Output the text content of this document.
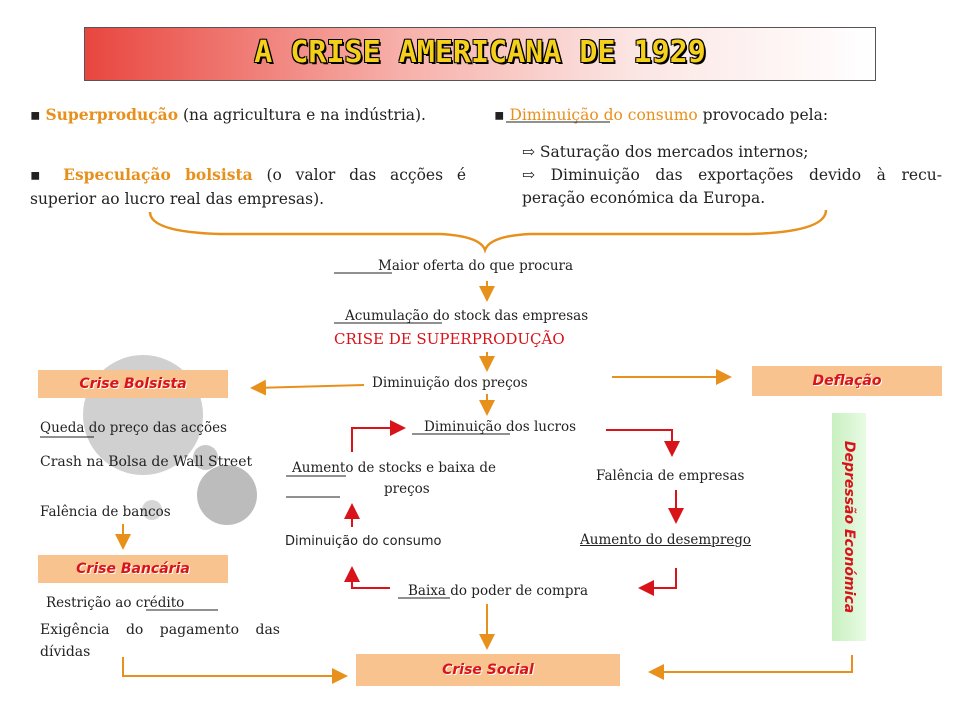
A CRISE AMERICANA DE 1929
▪ Superprodução (na agricultura e na indústria).
▪ Especulação bolsista (o valor das acções é superior ao lucro real das empresas).
▪ Diminuição do consumo provocado pela:
⇨ Saturação dos mercados internos;
⇨ Diminuição das exportações devido à recu- peração económica da Europa.
Maior oferta do que procura
Acumulação do stock das empresas
CRISE DE SUPERPRODUÇÃO
Diminuição dos preços
Diminuição dos lucros
Aumento de stocks e baixa de
preços
Falência de empresas
Aumento do desemprego
Diminuição do consumo
Baixa do poder de compra
Crise Bolsista
Queda do preço das acções
Crash na Bolsa de Wall Street
Falência de bancos
Crise Bancária
Restrição ao crédito
Exigência do pagamento das dívidas
Deflação
Depressão Económica
Crise Social
